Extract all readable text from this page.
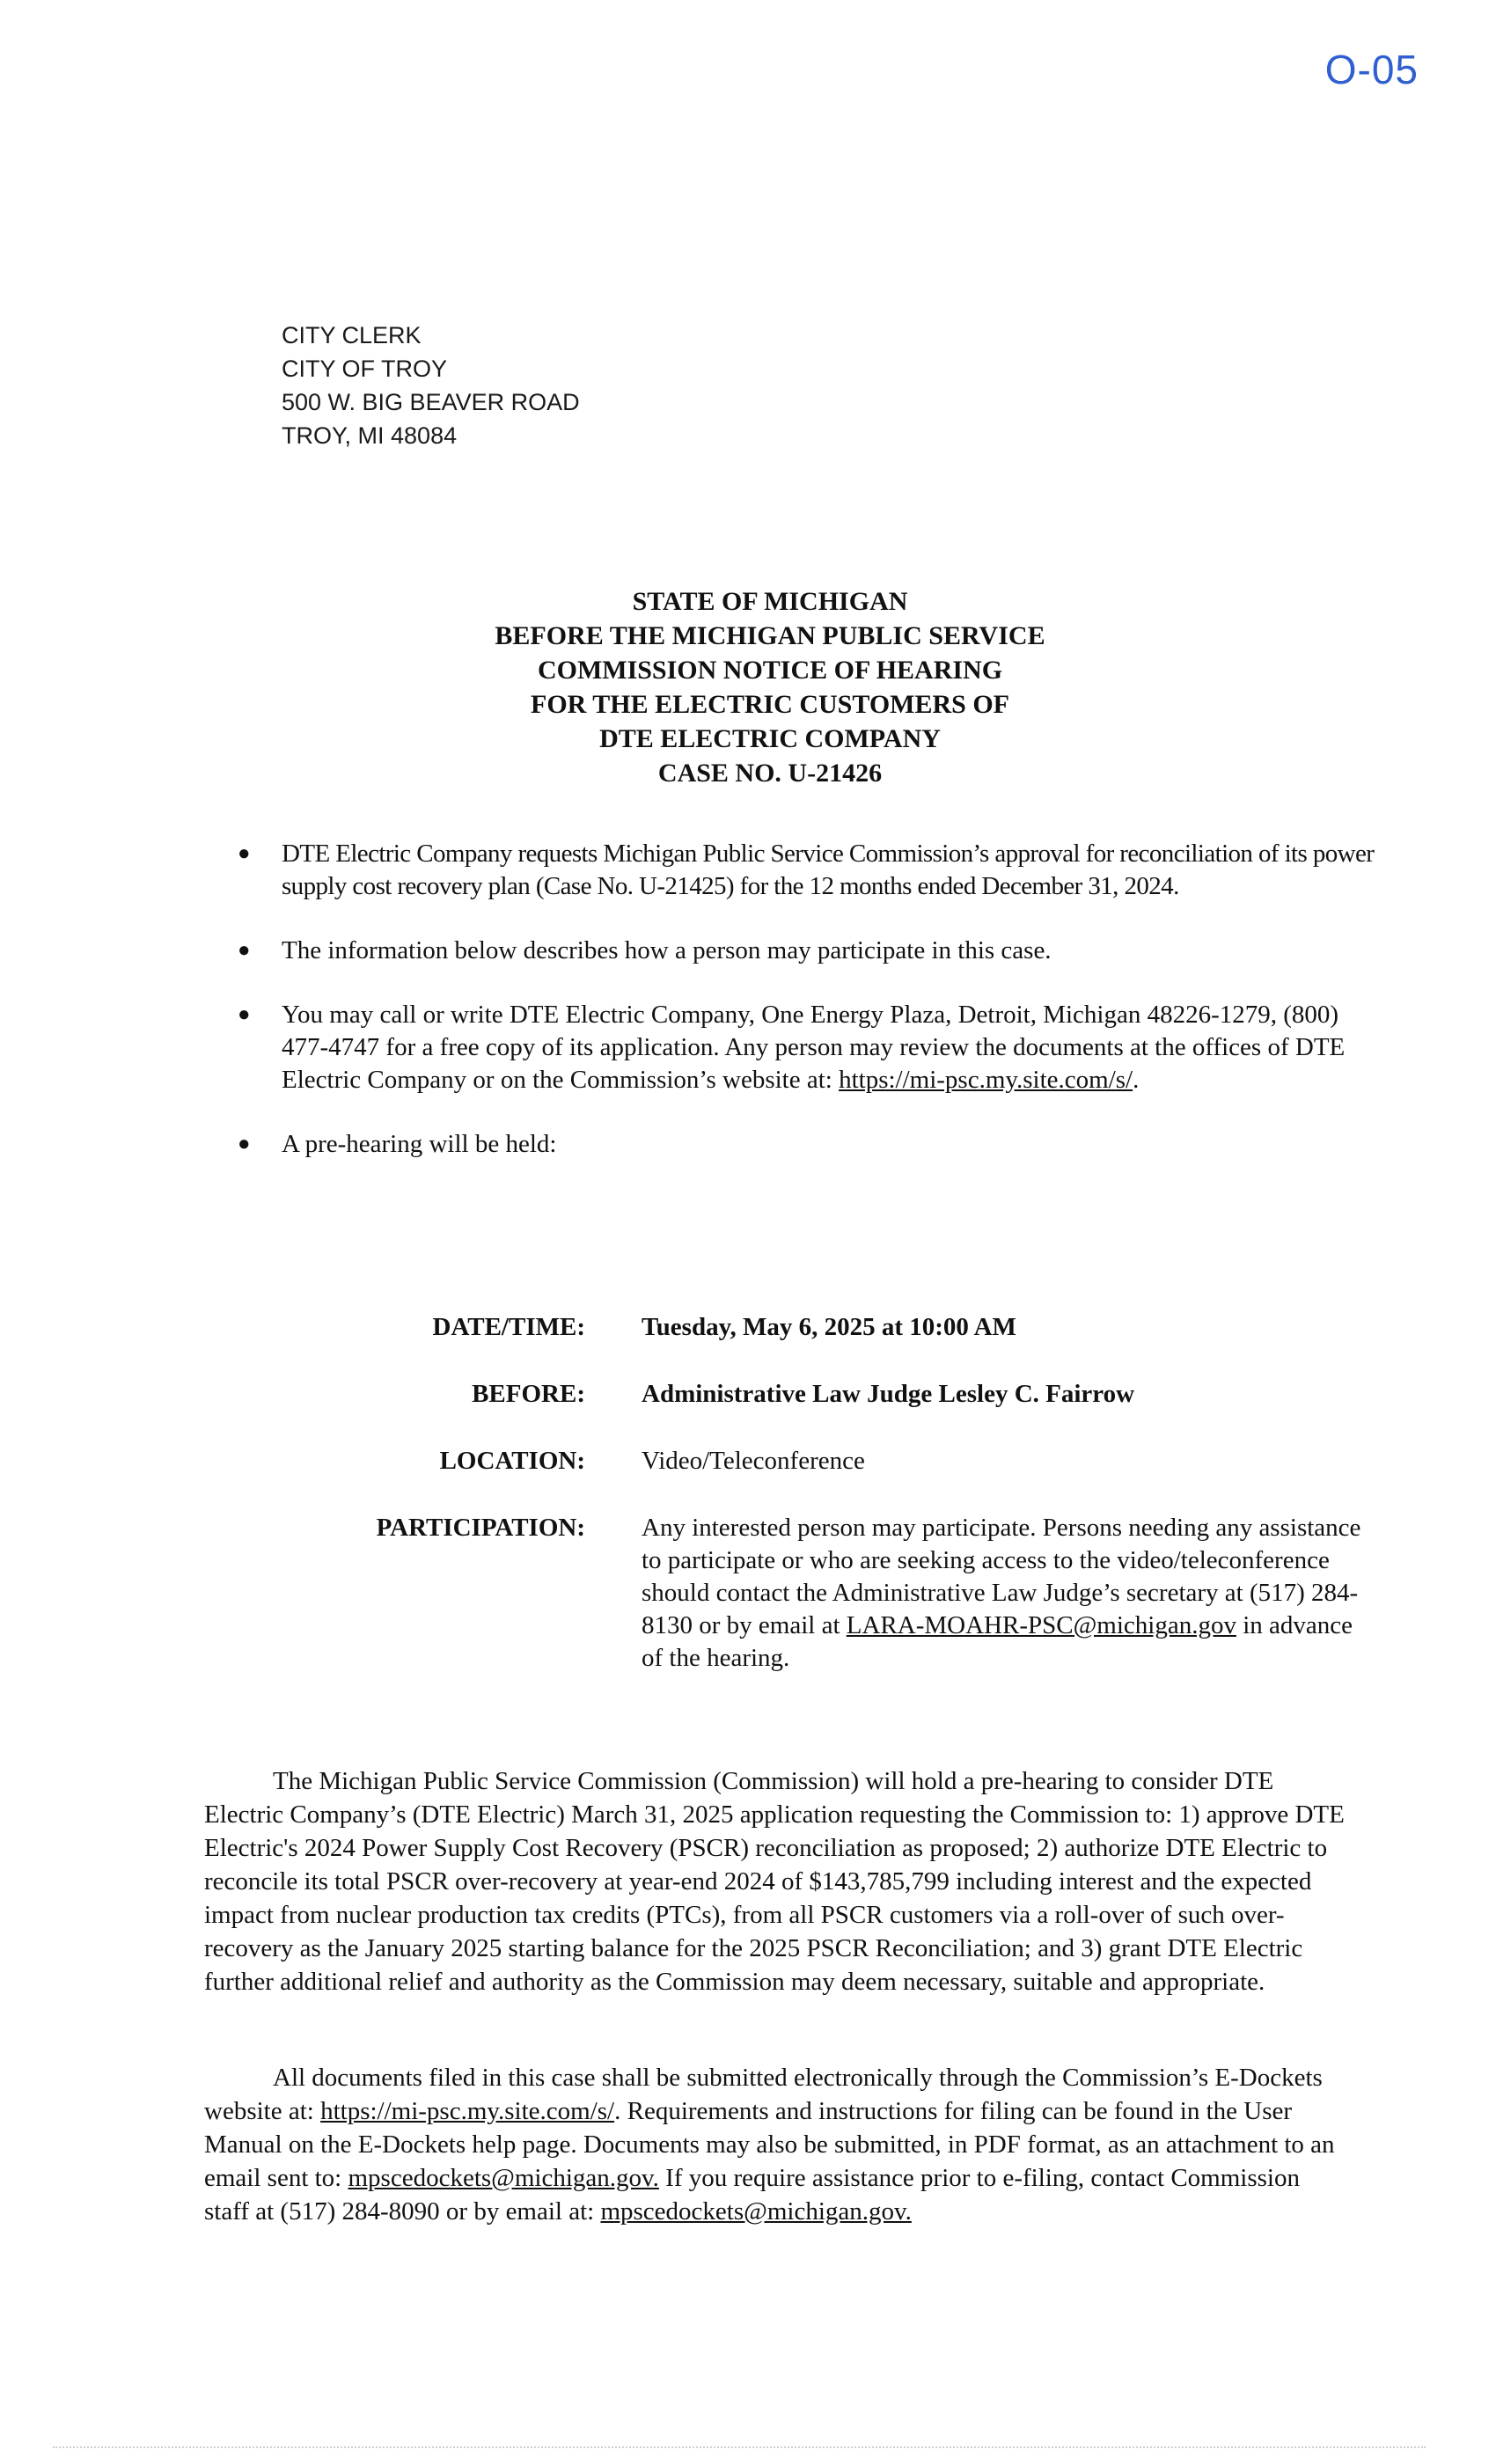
O-05
CITY CLERK
CITY OF TROY
500 W. BIG BEAVER ROAD
TROY, MI 48084
STATE OF MICHIGAN
BEFORE THE MICHIGAN PUBLIC SERVICE
COMMISSION NOTICE OF HEARING
FOR THE ELECTRIC CUSTOMERS OF
DTE ELECTRIC COMPANY
CASE NO. U-21426
● DTE Electric Company requests Michigan Public Service Commission’s approval for reconciliation of its power supply cost recovery plan (Case No. U-21425) for the 12 months ended December 31, 2024.
● The information below describes how a person may participate in this case.
● You may call or write DTE Electric Company, One Energy Plaza, Detroit, Michigan 48226-1279, (800) 477-4747 for a free copy of its application. Any person may review the documents at the offices of DTE Electric Company or on the Commission’s website at: https://mi-psc.my.site.com/s/.
● A pre-hearing will be held:
DATE/TIME: Tuesday, May 6, 2025 at 10:00 AM
BEFORE: Administrative Law Judge Lesley C. Fairrow
LOCATION: Video/Teleconference
PARTICIPATION: Any interested person may participate. Persons needing any assistance to participate or who are seeking access to the video/teleconference should contact the Administrative Law Judge’s secretary at (517) 284-8130 or by email at LARA-MOAHR-PSC@michigan.gov in advance of the hearing.

The Michigan Public Service Commission (Commission) will hold a pre-hearing to consider DTE Electric Company’s (DTE Electric) March 31, 2025 application requesting the Commission to: 1) approve DTE Electric's 2024 Power Supply Cost Recovery (PSCR) reconciliation as proposed; 2) authorize DTE Electric to reconcile its total PSCR over-recovery at year-end 2024 of $143,785,799 including interest and the expected impact from nuclear production tax credits (PTCs), from all PSCR customers via a roll-over of such over-recovery as the January 2025 starting balance for the 2025 PSCR Reconciliation; and 3) grant DTE Electric further additional relief and authority as the Commission may deem necessary, suitable and appropriate.

All documents filed in this case shall be submitted electronically through the Commission’s E-Dockets website at: https://mi-psc.my.site.com/s/. Requirements and instructions for filing can be found in the User Manual on the E-Dockets help page. Documents may also be submitted, in PDF format, as an attachment to an email sent to: mpscedockets@michigan.gov. If you require assistance prior to e-filing, contact Commission staff at (517) 284-8090 or by email at: mpscedockets@michigan.gov.
